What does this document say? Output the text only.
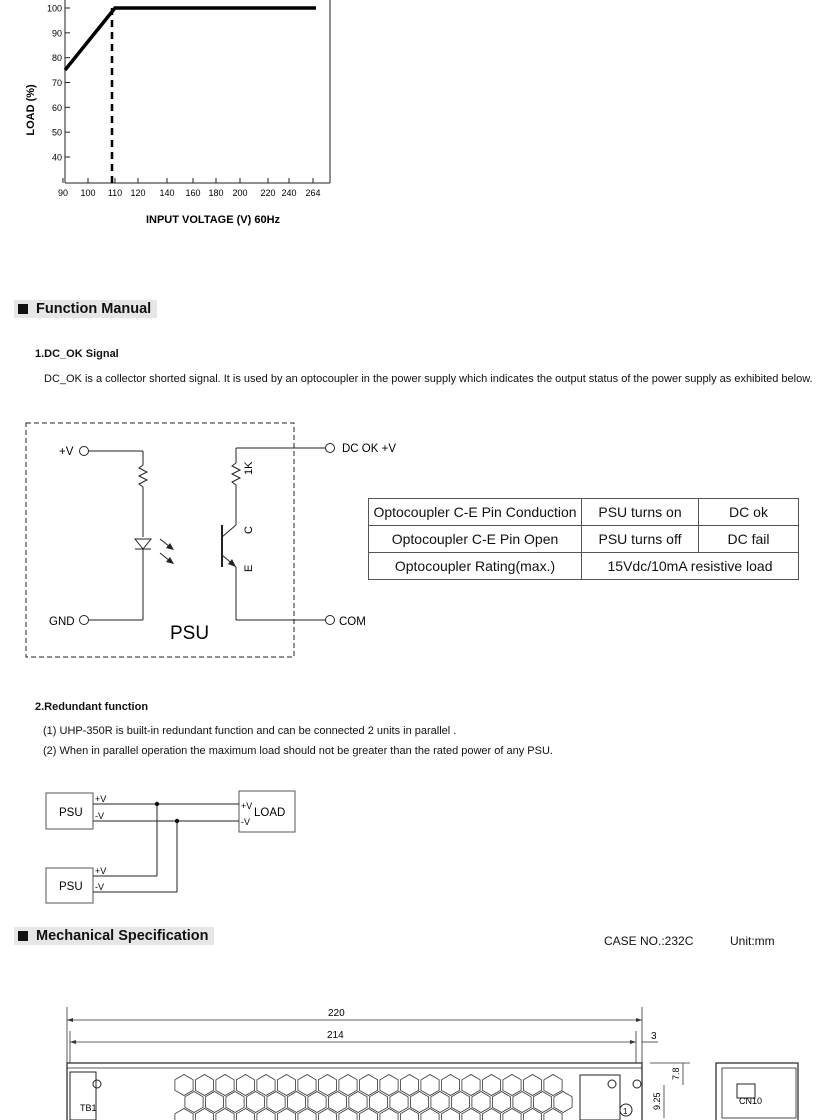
40
50
60
70
80
90
100
90 100 110 120 140 160 180 200 220 240 264
LOAD (%)
INPUT VOLTAGE (V) 60Hz
Function Manual
1.DC_OK Signal
DC_OK is a collector shorted signal. It is used by an optocoupler in the power supply which indicates the output status of the power supply as exhibited below.
+V
GND
DC OK +V
COM
PSU
1K
C
E
Optocoupler C-E Pin Conduction	PSU turns on	DC ok
Optocoupler C-E Pin Open	PSU turns off	DC fail
Optocoupler Rating(max.)	15Vdc/10mA resistive load	
2.Redundant function
(1) UHP-350R is built-in redundant function and can be connected 2 units in parallel .
(2) When in parallel operation the maximum load should not be greater than the rated power of any PSU.
PSU
PSU
LOAD
+V
-V
+V
-V
+V
-V
Mechanical Specification	CASE NO.:232C	Unit:mm
220
214	3
1
TB1
7.8
9.25	CN10
